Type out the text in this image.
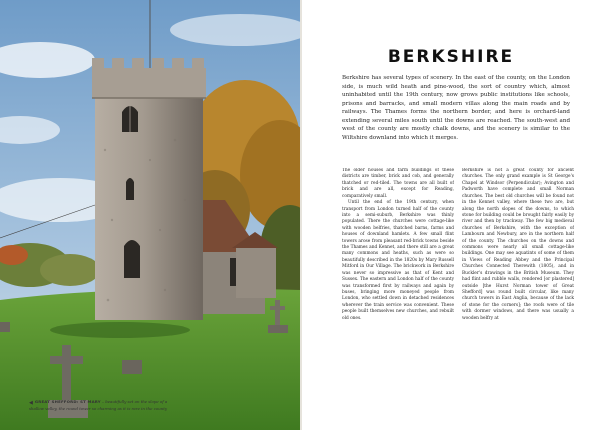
BERKSHIRE

Berkshire has several types of scenery. In the east of the county, on the London side, is much wild heath and pine-wood, the sort of country which, almost uninhabited until the 19th century, now grows public institutions like schools, prisons and barracks, and small modern villas along the main roads and by railways. The Thames forms the northern border, and here is orchard-land extending several miles south until the downs are reached. The south-west and west of the county are mostly chalk downs, and the scenery is similar to the Wiltshire downland into which it merges.

The older houses and farm buildings of these districts are timber, brick and cob, and generally thatched or red-tiled. The towns are all built of brick and are all, except for Reading, comparatively small.

Until the end of the 19th century, when transport from London turned half of the county into a semi-suburb, Berkshire was thinly populated. There the churches were cottage-like with wooden belfries, thatched barns, farms and houses of downland hamlets. A few small flint towers arose from pleasant red-brick towns beside the Thames and Kennet, and there still are a great many commons and heaths, such as were so beautifully described in the 1820s by Mary Russell Mitford in Our Village. The brickwork in Berkshire was never so impressive as that of Kent and Sussex. The eastern and London half of the county was transformed first by railways and again by buses, bringing more moneyed people from London, who settled down in detached residences wherever the train service was convenient. These people built themselves new churches, and rebuilt old ones.

Berkshire is not a great county for ancient churches. The only grand example is St George's Chapel at Windsor (Perpendicular); Avington and Padworth have complete and small Norman churches. The best old churches will be found not in the Kennet valley, where these two are, but along the north slopes of the downs, to which stone for building could be brought fairly easily by river and then by trackway. The few big medieval churches of Berkshire, with the exception of Lambourn and Newbury, are in the northern half of the county. The churches on the downs and commons were nearly all small cottage-like buildings. One may see aquatints of some of them in Views of Reading Abbey and the Principal Churches Connected Therewith (1805), and in Buckler's drawings in the British Museum. They had flint and rubble walls, rendered [or plastered] outside [the Hurst Norman tower of Great Shefford] was round built circular, like many church towers in East Anglia, because of the lack of stone for the corners]; the roofs were of tile with dormer windows, and there was usually a wooden belfry at

◀ GREAT SHEFFORD: ST MARY – beautifully set on the slope of a shallow valley, the round tower so charming as it is rare in the county
